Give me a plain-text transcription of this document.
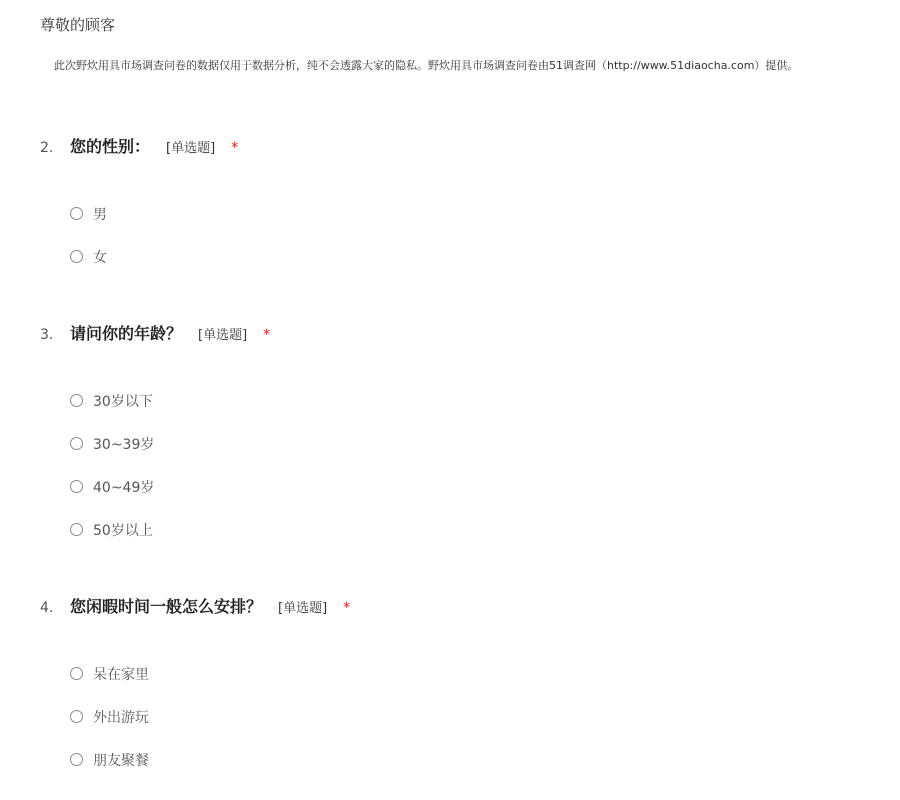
尊敬的顾客
此次野炊用具市场调查问卷的数据仅用于数据分析，纯不会透露大家的隐私。野炊用具市场调查问卷由51调查网（http://www.51diaocha.com）提供。
2.	您的性别： [单选题] *
男
女
3.	请问你的年龄？ [单选题] *
30岁以下
30~39岁
40~49岁
50岁以上
4.	您闲暇时间一般怎么安排？ [单选题] *
呆在家里
外出游玩
朋友聚餐
